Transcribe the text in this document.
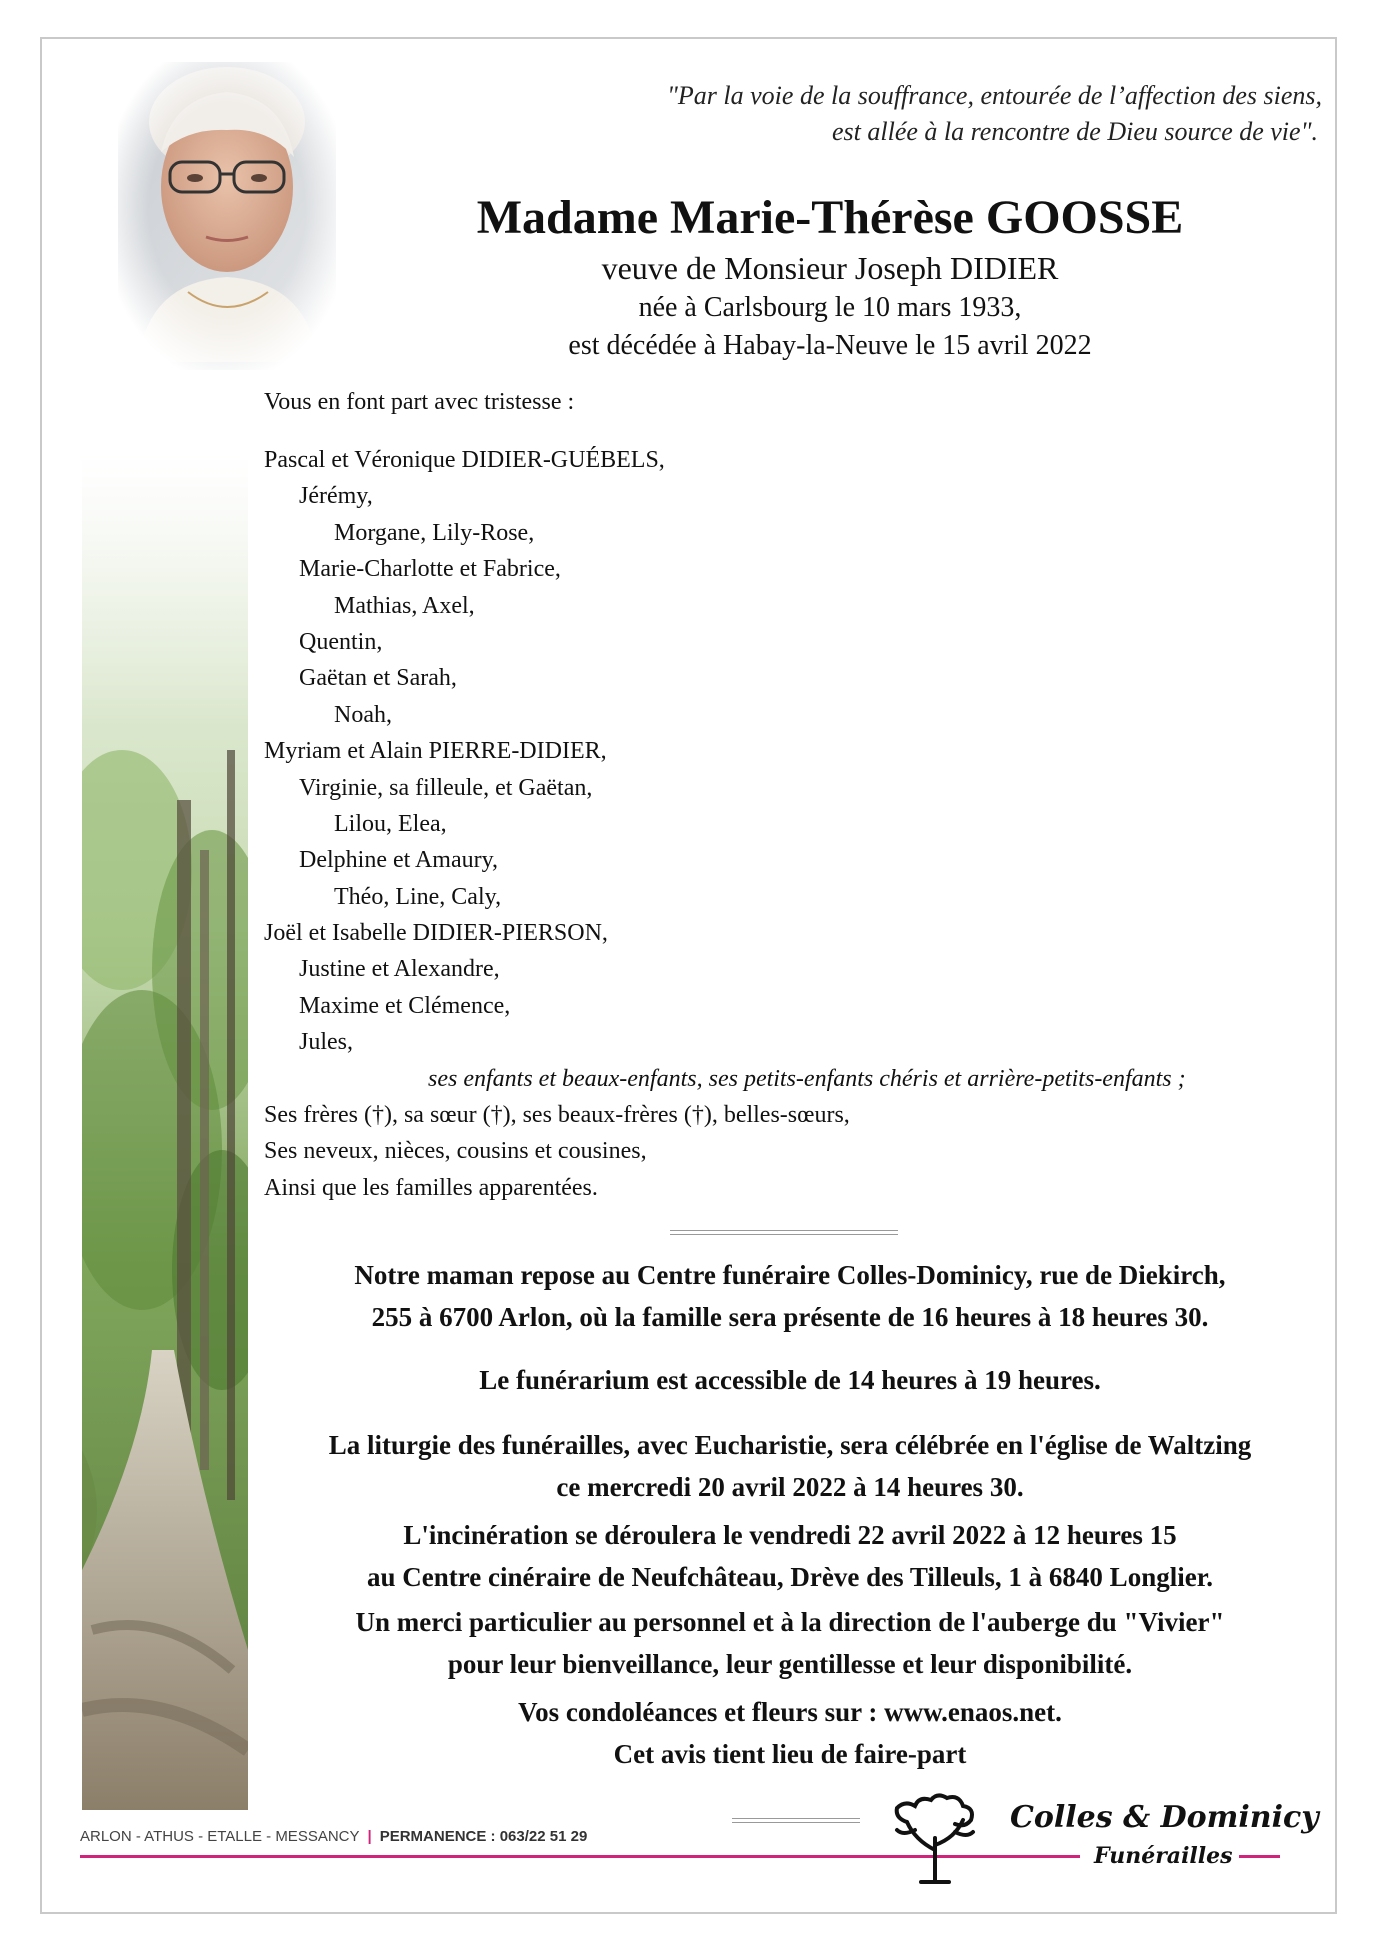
"Par la voie de la souffrance, entourée de l’affection des siens,
est allée à la rencontre de Dieu source de vie".
Madame Marie-Thérèse GOOSSE
veuve de Monsieur Joseph DIDIER
née à Carlsbourg le 10 mars 1933,
est décédée à Habay-la-Neuve le 15 avril 2022
Vous en font part avec tristesse :
Pascal et Véronique DIDIER-GUÉBELS,
Jérémy,
Morgane, Lily-Rose,
Marie-Charlotte et Fabrice,
Mathias, Axel,
Quentin,
Gaëtan et Sarah,
Noah,
Myriam et Alain PIERRE-DIDIER,
Virginie, sa filleule, et Gaëtan,
Lilou, Elea,
Delphine et Amaury,
Théo, Line, Caly,
Joël et Isabelle DIDIER-PIERSON,
Justine et Alexandre,
Maxime et Clémence,
Jules,
ses enfants et beaux-enfants, ses petits-enfants chéris et arrière-petits-enfants ;
Ses frères (†), sa sœur (†), ses beaux-frères (†), belles-sœurs,
Ses neveux, nièces, cousins et cousines,
Ainsi que les familles apparentées.
Notre maman repose au Centre funéraire Colles-Dominicy, rue de Diekirch,
255 à 6700 Arlon, où la famille sera présente de 16 heures à 18 heures 30.
Le funérarium est accessible de 14 heures à 19 heures.
La liturgie des funérailles, avec Eucharistie, sera célébrée en l'église de Waltzing
ce mercredi 20 avril 2022 à 14 heures 30.
L'incinération se déroulera le vendredi 22 avril 2022 à 12 heures 15
au Centre cinéraire de Neufchâteau, Drève des Tilleuls, 1 à 6840 Longlier.
Un merci particulier au personnel et à la direction de l'auberge du "Vivier"
pour leur bienveillance, leur gentillesse et leur disponibilité.
Vos condoléances et fleurs sur : www.enaos.net.
Cet avis tient lieu de faire-part
ARLON - ATHUS - ETALLE - MESSANCY | PERMANENCE : 063/22 51 29
Colles & Dominicy
Funérailles
